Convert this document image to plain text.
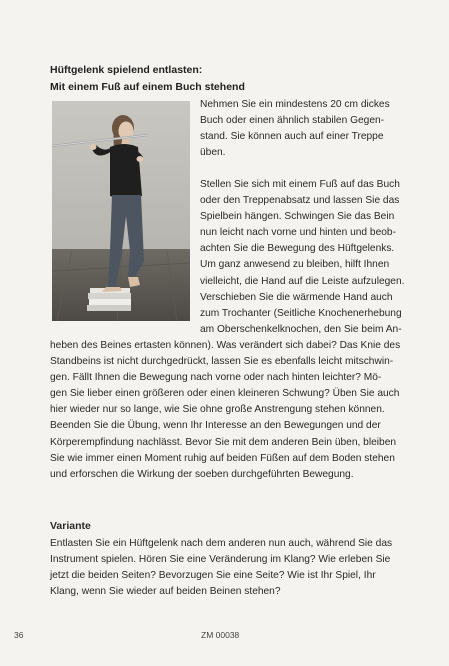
Hüftgelenk spielend entlasten:
Mit einem Fuß auf einem Buch stehend
Nehmen Sie ein mindestens 20 cm dickes
Buch oder einen ähnlich stabilen Gegen-
stand. Sie können auch auf einer Treppe
üben.
Stellen Sie sich mit einem Fuß auf das Buch
oder den Treppenabsatz und lassen Sie das
Spielbein hängen. Schwingen Sie das Bein
nun leicht nach vorne und hinten und beob-
achten Sie die Bewegung des Hüftgelenks.
Um ganz anwesend zu bleiben, hilft Ihnen
vielleicht, die Hand auf die Leiste aufzulegen.
Verschieben Sie die wärmende Hand auch
zum Trochanter (Seitliche Knochenerhebung
am Oberschenkelknochen, den Sie beim An-
heben des Beines ertasten können). Was verändert sich dabei? Das Knie des
Standbeins ist nicht durchgedrückt, lassen Sie es ebenfalls leicht mitschwin-
gen. Fällt Ihnen die Bewegung nach vorne oder nach hinten leichter? Mö-
gen Sie lieber einen größeren oder einen kleineren Schwung? Üben Sie auch
hier wieder nur so lange, wie Sie ohne große Anstrengung stehen können.
Beenden Sie die Übung, wenn Ihr Interesse an den Bewegungen und der
Körperempfindung nachlässt. Bevor Sie mit dem anderen Bein üben, bleiben
Sie wie immer einen Moment ruhig auf beiden Füßen auf dem Boden stehen
und erforschen die Wirkung der soeben durchgeführten Bewegung.
Variante
Entlasten Sie ein Hüftgelenk nach dem anderen nun auch, während Sie das
Instrument spielen. Hören Sie eine Veränderung im Klang? Wie erleben Sie
jetzt die beiden Seiten? Bevorzugen Sie eine Seite? Wie ist Ihr Spiel, Ihr
Klang, wenn Sie wieder auf beiden Beinen stehen?
36	ZM 00038
